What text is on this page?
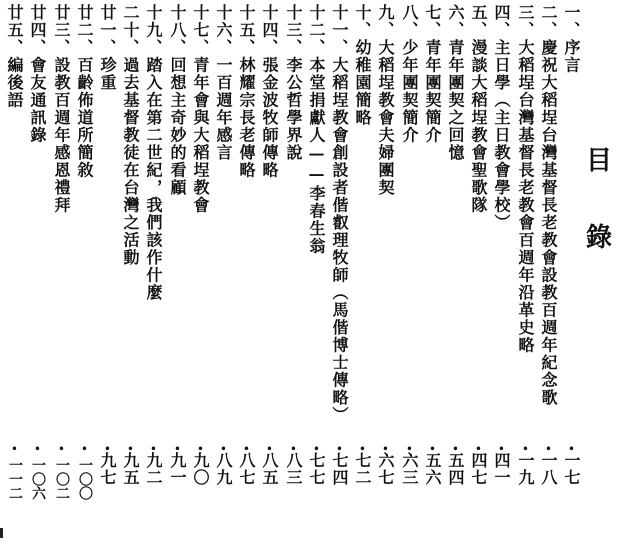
目
錄
一、序言
•
一七
二、慶祝大稻埕台灣基督長老教會設教百週年紀念歌
•
一八
三、大稻埕台灣基督長老教會百週年沿革史略
•
一九
四、主日學（主日教會學校）
•
四一
五、漫談大稻埕教會聖歌隊
•
四七
六、青年團契之回憶
•
五四
七、青年團契簡介
•
五六
八、少年團契簡介
•
六三
九、大稻埕教會夫婦團契
•
六七
十、幼稚園簡略
•
七二
十一、大稻埕教會創設者偕叡理牧師（馬偕博士傳略）
•
七四
十二、本堂捐獻人——李春生翁
•
七七
十三、李公哲學界說
•
八三
十四、張金波牧師傳略
•
八五
十五、林耀宗長老傳略
•
八七
十六、一百週年感言
•
八九
十七、青年會與大稻埕教會
•
九〇
十八、回想主奇妙的看顧
•
九一
十九、踏入在第二世紀，我們該作什麼
•
九二
二十、過去基督教徒在台灣之活動
•
九五
廿一、珍重
•
九七
廿二、百齡佈道所簡敘
•
一〇〇
廿三、設教百週年感恩禮拜
•
一〇二
廿四、會友通訊錄
•
一〇六
廿五、編後語
•
一一二
